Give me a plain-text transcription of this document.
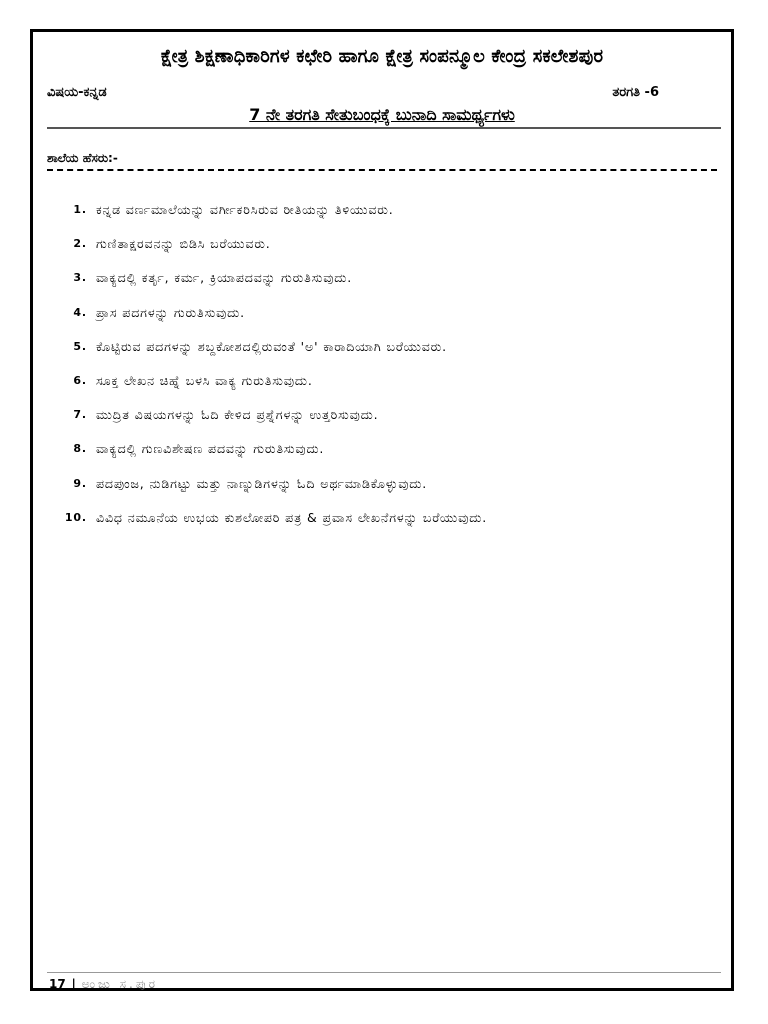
ಕ್ಷೇತ್ರ ಶಿಕ್ಷಣಾಧಿಕಾರಿಗಳ ಕಛೇರಿ ಹಾಗೂ ಕ್ಷೇತ್ರ ಸಂಪನ್ಮೂಲ ಕೇಂದ್ರ ಸಕಲೇಶಪುರ
ವಿಷಯ-ಕನ್ನಡ	ತರಗತಿ -6
7 ನೇ ತರಗತಿ ಸೇತುಬಂಧಕ್ಕೆ ಬುನಾದಿ ಸಾಮರ್ಥ್ಯಗಳು
ಶಾಲೆಯ ಹೆಸರು:-
1. ಕನ್ನಡ ವರ್ಣಮಾಲೆಯನ್ನು ವರ್ಗೀಕರಿಸಿರುವ ರೀತಿಯನ್ನು ತಿಳಿಯುವರು.
2. ಗುಣಿತಾಕ್ಷರವನನ್ನು ಬಿಡಿಸಿ ಬರೆಯುವರು.
3. ವಾಕ್ಯದಲ್ಲಿ ಕರ್ತೃ, ಕರ್ಮ, ಕ್ರಿಯಾಪದವನ್ನು ಗುರುತಿಸುವುದು.
4. ಪ್ರಾಸ ಪದಗಳನ್ನು ಗುರುತಿಸುವುದು.
5. ಕೊಟ್ಟಿರುವ ಪದಗಳನ್ನು ಶಬ್ದಕೋಶದಲ್ಲಿರುವಂತೆ 'ಅ' ಕಾರಾದಿಯಾಗಿ ಬರೆಯುವರು.
6. ಸೂಕ್ತ ಲೇಖನ ಚಿಹ್ನೆ ಬಳಸಿ ವಾಕ್ಯ ಗುರುತಿಸುವುದು.
7. ಮುದ್ರಿತ ವಿಷಯಗಳನ್ನು ಓದಿ ಕೇಳಿದ ಪ್ರಶ್ನೆಗಳನ್ನು ಉತ್ತರಿಸುವುದು.
8. ವಾಕ್ಯದಲ್ಲಿ ಗುಣವಿಶೇಷಣ ಪದವನ್ನು ಗುರುತಿಸುವುದು.
9. ಪದಪುಂಜ, ನುಡಿಗಟ್ಟು ಮತ್ತು ನಾಣ್ನುಡಿಗಳನ್ನು ಓದಿ ಅರ್ಥಮಾಡಿಕೊಳ್ಳುವುದು.
10. ವಿವಿಧ ನಮೂನೆಯ ಉಭಯ ಕುಶಲೋಪರಿ ಪತ್ರ & ಪ್ರವಾಸ ಲೇಖನೆಗಳನ್ನು ಬರೆಯುವುದು.
17 | ಅಂಜು ಸ.ಪುರ
